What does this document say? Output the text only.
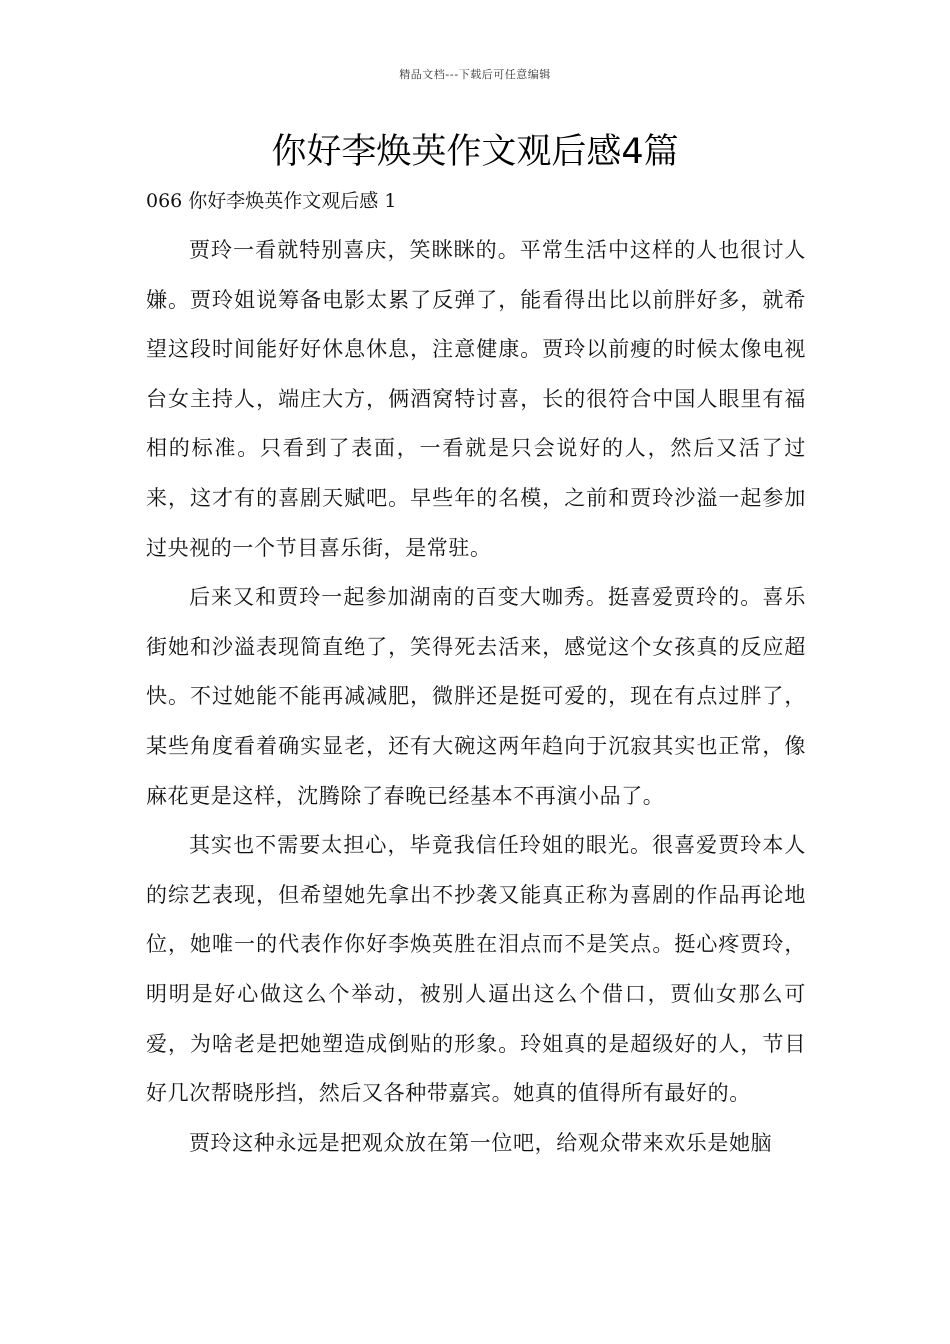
精品文档---下载后可任意编辑
你好李焕英作文观后感4篇
066 你好李焕英作文观后感 1

贾玲一看就特别喜庆，笑眯眯的。平常生活中这样的人也很讨人嫌。贾玲姐说筹备电影太累了反弹了，能看得出比以前胖好多，就希望这段时间能好好休息休息，注意健康。贾玲以前瘦的时候太像电视台女主持人，端庄大方，俩酒窝特讨喜，长的很符合中国人眼里有福相的标准。只看到了表面，一看就是只会说好的人，然后又活了过来，这才有的喜剧天赋吧。早些年的名模，之前和贾玲沙溢一起参加过央视的一个节目喜乐街，是常驻。

后来又和贾玲一起参加湖南的百变大咖秀。挺喜爱贾玲的。喜乐街她和沙溢表现简直绝了，笑得死去活来，感觉这个女孩真的反应超快。不过她能不能再减减肥，微胖还是挺可爱的，现在有点过胖了，某些角度看着确实显老，还有大碗这两年趋向于沉寂其实也正常，像麻花更是这样，沈腾除了春晚已经基本不再演小品了。

其实也不需要太担心，毕竟我信任玲姐的眼光。很喜爱贾玲本人的综艺表现，但希望她先拿出不抄袭又能真正称为喜剧的作品再论地位，她唯一的代表作你好李焕英胜在泪点而不是笑点。挺心疼贾玲，明明是好心做这么个举动，被别人逼出这么个借口，贾仙女那么可爱，为啥老是把她塑造成倒贴的形象。玲姐真的是超级好的人，节目好几次帮晓彤挡，然后又各种带嘉宾。她真的值得所有最好的。

贾玲这种永远是把观众放在第一位吧，给观众带来欢乐是她脑
